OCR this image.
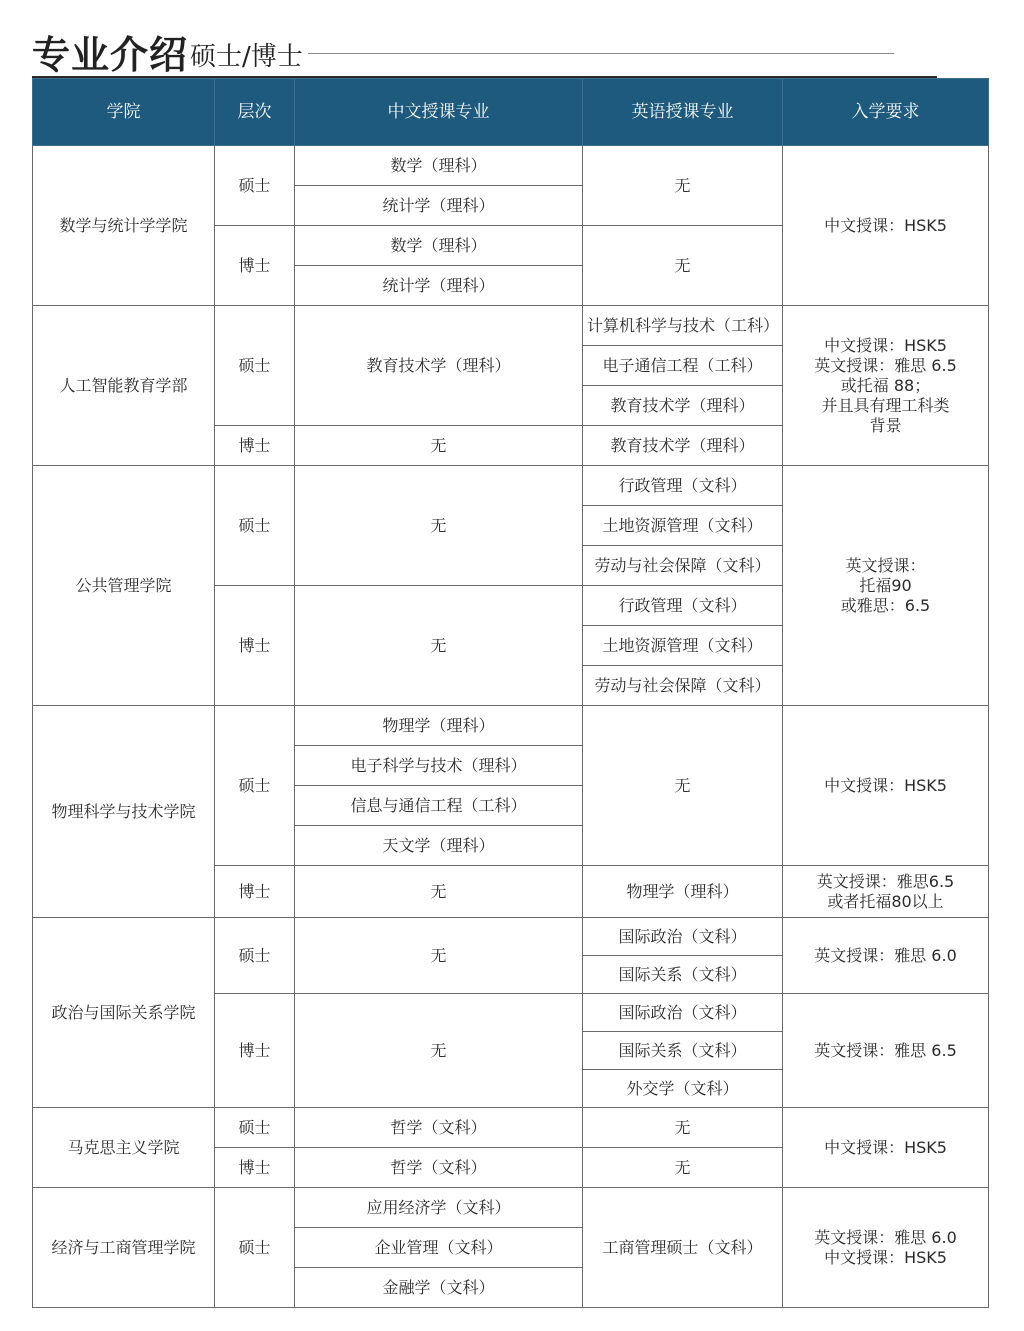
专业介绍 硕士/博士
学院	层次	中文授课专业	英语授课专业	入学要求
数学与统计学学院	硕士	数学（理科）	无	中文授课：HSK5
		统计学（理科）		
	博士	数学（理科）	无	
		统计学（理科）		
人工智能教育学部	硕士	教育技术学（理科）	计算机科学与技术（工科）	中文授课：HSK5
英文授课：雅思 6.5
或托福 88；
并且具有理工科类
背景
			电子通信工程（工科）	
			教育技术学（理科）	
	博士	无	教育技术学（理科）	
公共管理学院	硕士	无	行政管理（文科）	英文授课：
托福90
或雅思：6.5
			土地资源管理（文科）	
			劳动与社会保障（文科）	
	博士	无	行政管理（文科）	
			土地资源管理（文科）	
			劳动与社会保障（文科）	
物理科学与技术学院	硕士	物理学（理科）	无	中文授课：HSK5
		电子科学与技术（理科）		
		信息与通信工程（工科）		
		天文学（理科）		
	博士	无	物理学（理科）	英文授课：雅思6.5
或者托福80以上
政治与国际关系学院	硕士	无	国际政治（文科）	英文授课：雅思 6.0
			国际关系（文科）	
	博士	无	国际政治（文科）	英文授课：雅思 6.5
			国际关系（文科）	
			外交学（文科）	
马克思主义学院	硕士	哲学（文科）	无	中文授课：HSK5
	博士	哲学（文科）	无	
经济与工商管理学院	硕士	应用经济学（文科）	工商管理硕士（文科）	英文授课：雅思 6.0
中文授课：HSK5
		企业管理（文科）		
		金融学（文科）		
